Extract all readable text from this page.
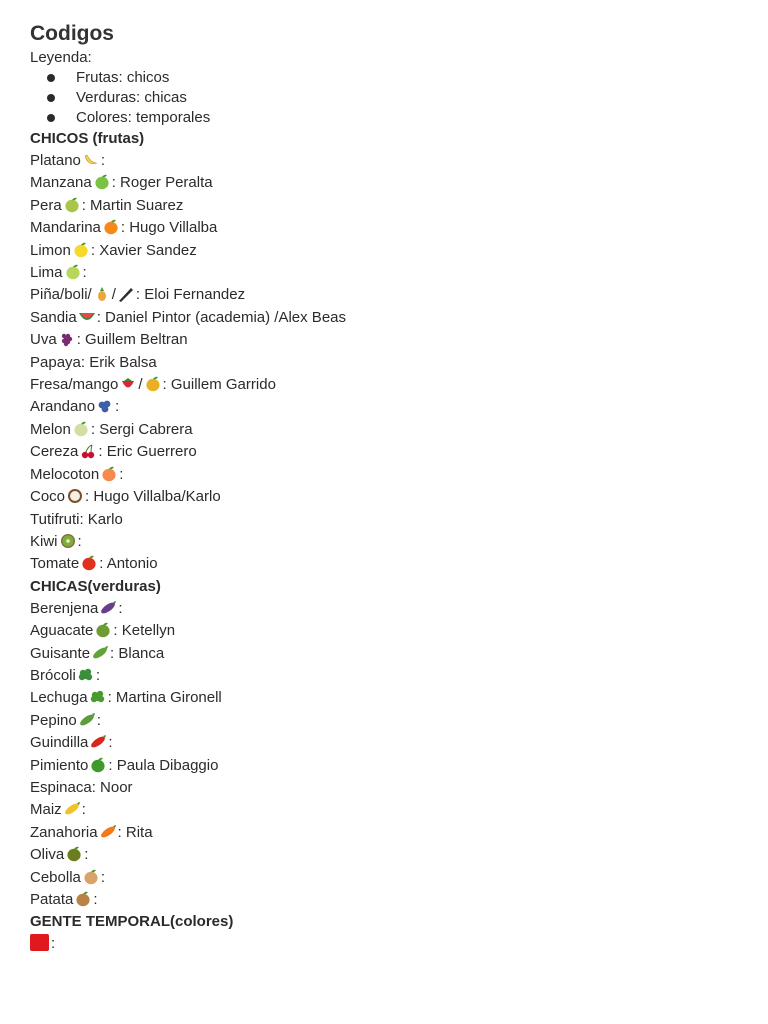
Codigos
Leyenda:
Frutas: chicos
Verduras: chicas
Colores: temporales
CHICOS (frutas)
Platano :
Manzana : Roger Peralta
Pera : Martin Suarez
Mandarina : Hugo Villalba
Limon : Xavier Sandez
Lima :
Piña/boli/ / : Eloi Fernandez
Sandia : Daniel Pintor (academia) /Alex Beas
Uva : Guillem Beltran
Papaya: Erik Balsa
Fresa/mango / : Guillem Garrido
Arandano :
Melon : Sergi Cabrera
Cereza : Eric Guerrero
Melocoton :
Coco : Hugo Villalba/Karlo
Tutifruti: Karlo
Kiwi :
Tomate : Antonio
CHICAS(verduras)
Berenjena :
Aguacate : Ketellyn
Guisante : Blanca
Brócoli :
Lechuga : Martina Gironell
Pepino :
Guindilla :
Pimiento : Paula Dibaggio
Espinaca: Noor
Maiz :
Zanahoria : Rita
Oliva :
Cebolla :
Patata :
GENTE TEMPORAL(colores)
:
